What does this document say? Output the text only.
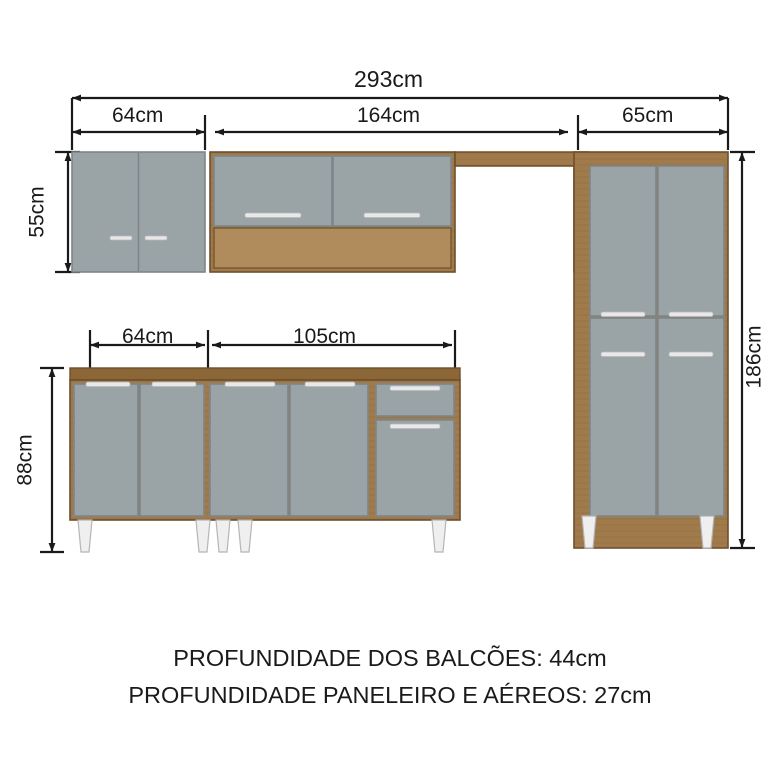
293cm
64cm	164cm	65cm
55cm
88cm
186cm
64cm	105cm
PROFUNDIDADE DOS BALCÕES: 44cm
PROFUNDIDADE PANELEIRO E AÉREOS: 27cm
